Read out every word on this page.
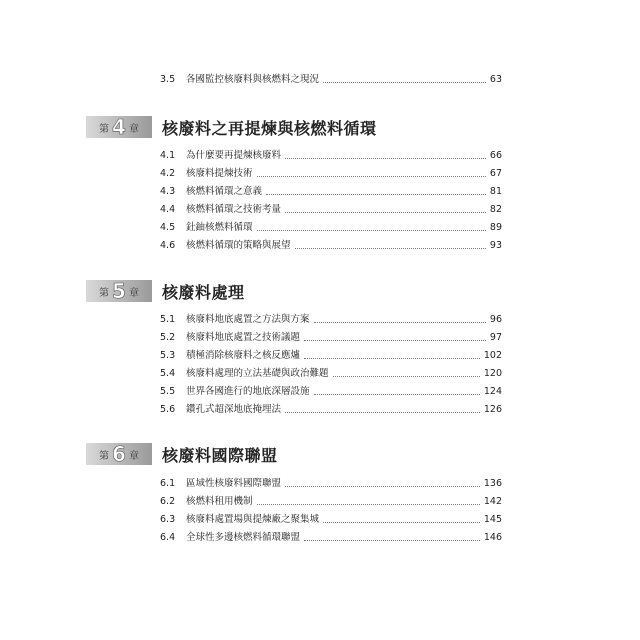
3.5	各國監控核廢料與核燃料之現況	63
第 4 章 核廢料之再提煉與核燃料循環
4.1	為什麼要再提煉核廢料	66
4.2	核廢料提煉技術	67
4.3	核燃料循環之意義	81
4.4	核燃料循環之技術考量	82
4.5	釷鈾核燃料循環	89
4.6	核燃料循環的策略與展望	93
第 5 章 核廢料處理
5.1	核廢料地底處置之方法與方案	96
5.2	核廢料地底處置之技術議題	97
5.3	積極消除核廢料之核反應爐	102
5.4	核廢料處理的立法基礎與政治難題	120
5.5	世界各國進行的地底深層設施	124
5.6	鑽孔式超深地底掩埋法	126
第 6 章 核廢料國際聯盟
6.1	區域性核廢料國際聯盟	136
6.2	核燃料租用機制	142
6.3	核廢料處置場與提煉廠之聚集城	145
6.4	全球性多邊核燃料循環聯盟	146
